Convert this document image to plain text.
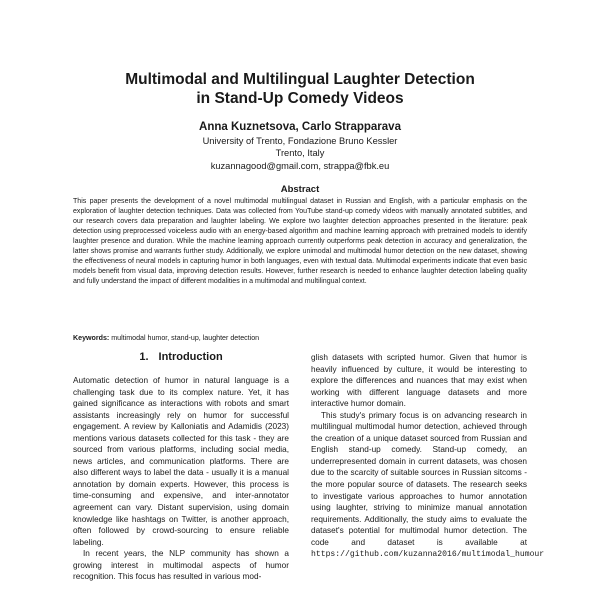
Multimodal and Multilingual Laughter Detection
in Stand-Up Comedy Videos
Anna Kuznetsova, Carlo Strapparava
University of Trento, Fondazione Bruno Kessler
Trento, Italy
kuzannagood@gmail.com, strappa@fbk.eu
Abstract

This paper presents the development of a novel multimodal multilingual dataset in Russian and English, with a particular emphasis on the exploration of laughter detection techniques. Data was collected from YouTube stand-up comedy videos with manually annotated subtitles, and our research covers data preparation and laughter labeling. We explore two laughter detection approaches presented in the literature: peak detection using preprocessed voiceless audio with an energy-based algorithm and machine learning approach with pretrained models to identify laughter presence and duration. While the machine learning approach currently outperforms peak detection in accuracy and generalization, the latter shows promise and warrants further study. Additionally, we explore unimodal and multimodal humor detection on the new dataset, showing the effectiveness of neural models in capturing humor in both languages, even with textual data. Multimodal experiments indicate that even basic models benefit from visual data, improving detection results. However, further research is needed to enhance laughter detection labeling quality and fully understand the impact of different modalities in a multimodal and multilingual context.

Keywords: multimodal humor, stand-up, laughter detection
1. Introduction

Automatic detection of humor in natural language is a challenging task due to its complex nature. Yet, it has gained significance as interactions with robots and smart assistants increasingly rely on humor for successful engagement. A review by Kalloniatis and Adamidis (2023) mentions various datasets collected for this task - they are sourced from various platforms, including social media, news articles, and communication platforms. There are also different ways to label the data - usually it is a manual annotation by domain experts. However, this process is time-consuming and expensive, and inter-annotator agreement can vary. Distant supervision, using domain knowledge like hashtags on Twitter, is another approach, often followed by crowd-sourcing to ensure reliable labeling.

In recent years, the NLP community has shown a growing interest in multimodal aspects of humor recognition. This focus has resulted in various mod-

glish datasets with scripted humor. Given that humor is heavily influenced by culture, it would be interesting to explore the differences and nuances that may exist when working with different language datasets and more interactive humor domain.

This study's primary focus is on advancing research in multilingual multimodal humor detection, achieved through the creation of a unique dataset sourced from Russian and English stand-up comedy. Stand-up comedy, an underrepresented domain in current datasets, was chosen due to the scarcity of suitable sources in Russian sitcoms - the more popular source of datasets. The research seeks to investigate various approaches to humor annotation using laughter, striving to minimize manual annotation requirements. Additionally, the study aims to evaluate the dataset's potential for multimodal humor detection. The code and dataset is available at https://github.com/kuzanna2016/multimodal_humour
